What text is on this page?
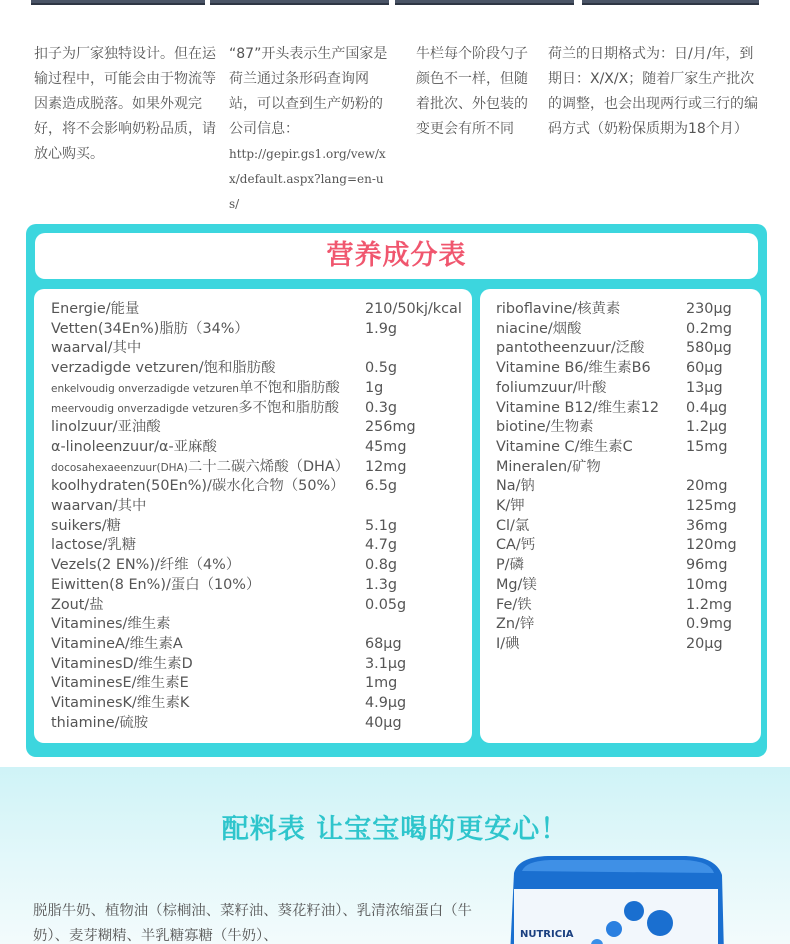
扣子为厂家独特设计。但在运输过程中，可能会由于物流等因素造成脱落。如果外观完好，将不会影响奶粉品质，请放心购买。
“87”开头表示生产国家是荷兰通过条形码查询网站，可以查到生产奶粉的公司信息：
http://gepir.gs1.org/vew/xx/default.aspx?lang=en-us/
牛栏每个阶段勺子颜色不一样，但随着批次、外包装的变更会有所不同
荷兰的日期格式为：日/月/年，到期日：X/X/X；随着厂家生产批次的调整，也会出现两行或三行的编码方式（奶粉保质期为18个月）
营养成分表
Energie/能量	210/50kj/kcal
Vetten(34En%)脂肪（34%）	1.9g
waarval/其中
verzadigde vetzuren/饱和脂肪酸	0.5g
enkelvoudig onverzadigde vetzuren单不饱和脂肪酸 1g
meervoudig onverzadigde vetzuren多不饱和脂肪酸 0.3g
linolzuur/亚油酸	256mg
α-linoleenzuur/α-亚麻酸	45mg
docosahexaeenzuur(DHA)二十二碳六烯酸（DHA） 12mg
koolhydraten(50En%)/碳水化合物（50%） 6.5g
waarvan/其中
suikers/糖	5.1g
lactose/乳糖	4.7g
Vezels(2 EN%)/纤维（4%）	0.8g
Eiwitten(8 En%)/蛋白（10%）	1.3g
Zout/盐	0.05g
Vitamines/维生素
VitamineA/维生素A	68μg
VitaminesD/维生素D	3.1μg
VitaminesE/维生素E	1mg
VitaminesK/维生素K	4.9μg
thiamine/硫胺	40μg
riboflavine/核黄素	230μg
niacine/烟酸	0.2mg
pantotheenzuur/泛酸	580μg
Vitamine B6/维生素B6 60μg
foliumzuur/叶酸	13μg
Vitamine B12/维生素12 0.4μg
biotine/生物素	1.2μg
Vitamine C/维生素C	15mg
Mineralen/矿物
Na/钠	20mg
K/钾	125mg
Cl/氯	36mg
CA/钙	120mg
P/磷	96mg
Mg/镁	10mg
Fe/铁	1.2mg
Zn/锌	0.9mg
I/碘	20μg
配料表 让宝宝喝的更安心！
脱脂牛奶、植物油（棕榈油、菜籽油、葵花籽油）、乳清浓缩蛋白（牛奶）、麦芽糊精、半乳糖寡糖（牛奶）、	NUTRICIA
